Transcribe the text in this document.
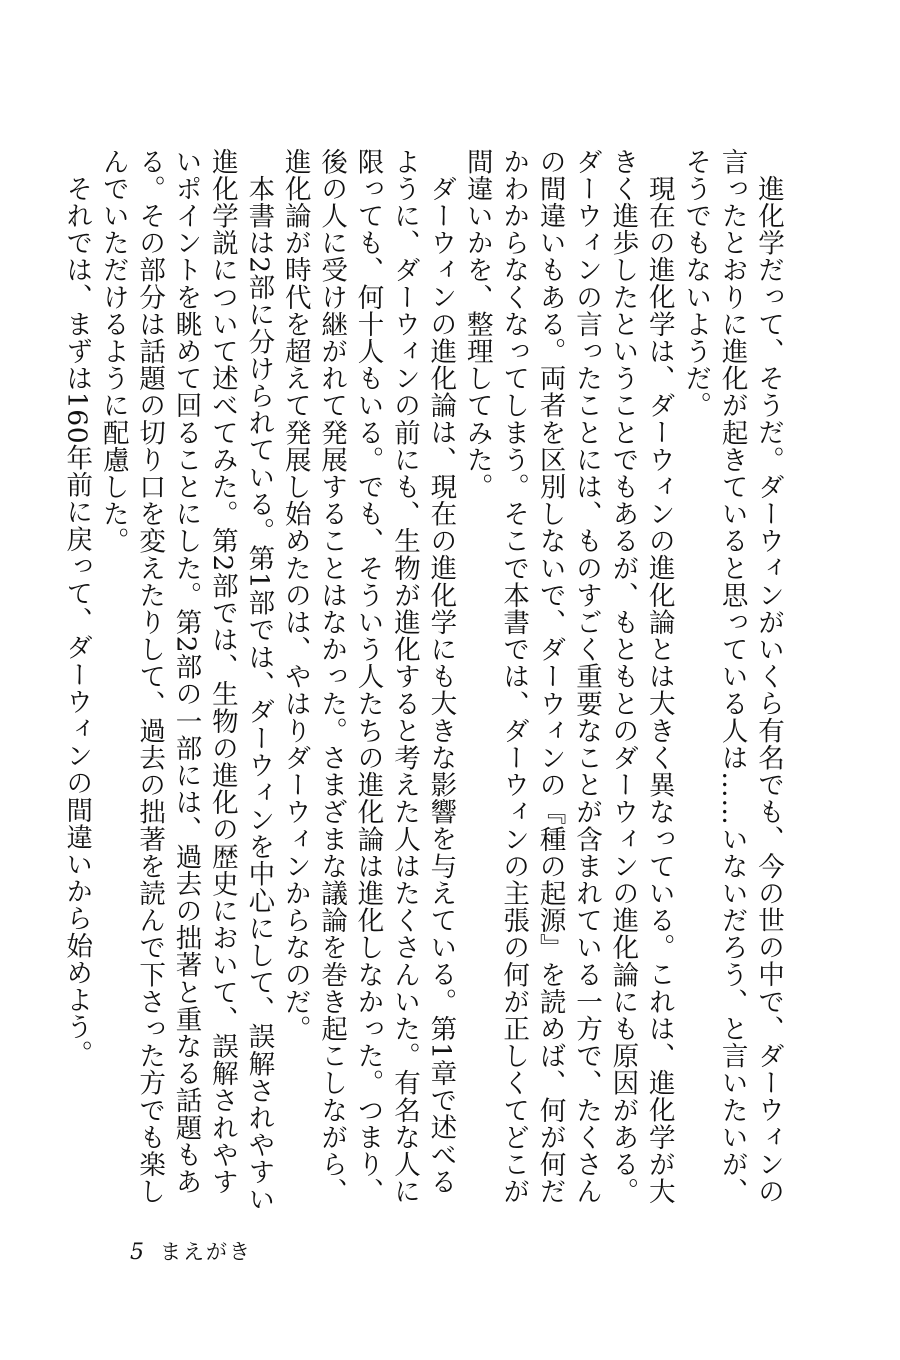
進化学だって、そうだ。ダーウィンがいくら有名でも、今の世の中で、ダーウィンの言ったとおりに進化が起きていると思っている人は……いないだろう、と言いたいが、そうでもないようだ。

現在の進化学は、ダーウィンの進化論とは大きく異なっている。これは、進化学が大きく進歩したということでもあるが、もともとのダーウィンの進化論にも原因がある。ダーウィンの言ったことには、ものすごく重要なことが含まれている一方で、たくさんの間違いもある。両者を区別しないで、ダーウィンの『種の起源』を読めば、何が何だかわからなくなってしまう。そこで本書では、ダーウィンの主張の何が正しくてどこが間違いかを、整理してみた。

ダーウィンの進化論は、現在の進化学にも大きな影響を与えている。第1章で述べるように、ダーウィンの前にも、生物が進化すると考えた人はたくさんいた。有名な人に限っても、何十人もいる。でも、そういう人たちの進化論は進化しなかった。つまり、後の人に受け継がれて発展することはなかった。さまざまな議論を巻き起こしながら、進化論が時代を超えて発展し始めたのは、やはりダーウィンからなのだ。

本書は2部に分けられている。第1部では、ダーウィンを中心にして、誤解されやすい進化学説について述べてみた。第2部では、生物の進化の歴史において、誤解されやすいポイントを眺めて回ることにした。第2部の一部には、過去の拙著と重なる話題もある。その部分は話題の切り口を変えたりして、過去の拙著を読んで下さった方でも楽しんでいただけるように配慮した。

それでは、まずは160年前に戻って、ダーウィンの間違いから始めよう。

5 まえがき
